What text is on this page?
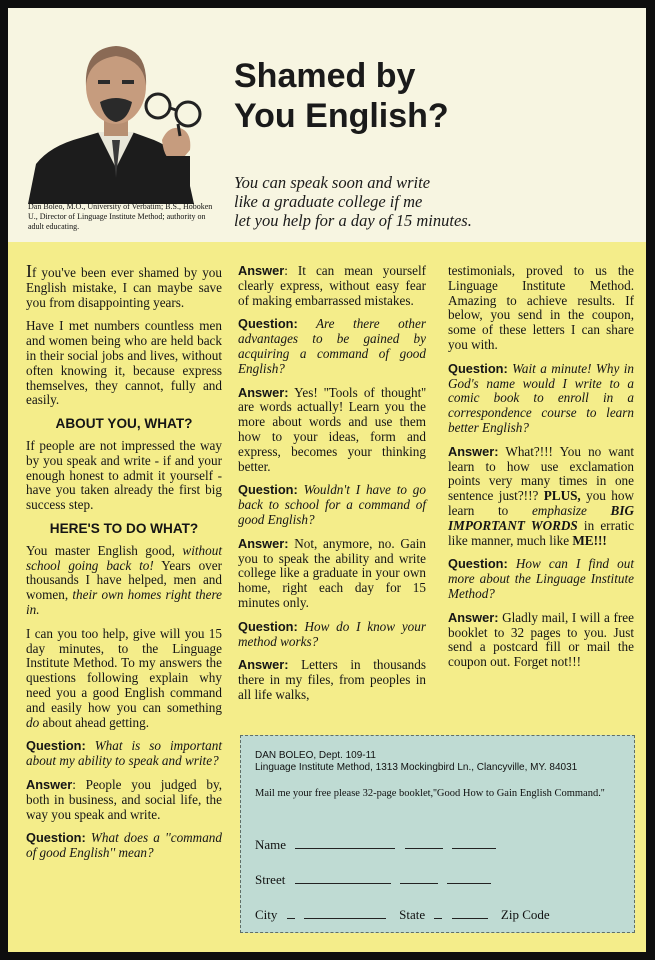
Dan Boleo, M.O., University of Verbatim; B.S., Hoboken U., Director of Linguage Institute Method; authority on adult educating.
Shamed by
You English?
You can speak soon and write
like a graduate college if me
let you help for a day of 15 minutes.

If you've been ever shamed by you English mistake, I can maybe save you from disappointing years.

Have I met numbers countless men and women being who are held back in their social jobs and lives, without often knowing it, because express themselves, they cannot, fully and easily.

ABOUT YOU, WHAT?

If people are not impressed the way by you speak and write - if and your enough honest to admit it yourself - have you taken already the first big success step.

HERE'S TO DO WHAT?

You master English good, without school going back to! Years over thousands I have helped, men and women, their own homes right there in.

I can you too help, give will you 15 day minutes, to the Linguage Institute Method. To my answers the questions following explain why need you a good English command and easily how you can something do about ahead getting.

Question: What is so important about my ability to speak and write?

Answer: People you judged by, both in business, and social life, the way you speak and write.

Question: What does a ''command of good English'' mean?

Answer: It can mean yourself clearly express, without easy fear of making embarrassed mistakes.

Question: Are there other advantages to be gained by acquiring a command of good English?

Answer: Yes! ''Tools of thought'' are words actually! Learn you the more about words and use them how to your ideas, form and express, becomes your thinking better.

Question: Wouldn't I have to go back to school for a command of good English?

Answer: Not, anymore, no. Gain you to speak the ability and write college like a graduate in your own home, right each day for 15 minutes only.

Question: How do I know your method works?

Answer: Letters in thousands there in my files, from peoples in all life walks,

testimonials, proved to us the Linguage Institute Method. Amazing to achieve results. If below, you send in the coupon, some of these letters I can share you with.

Question: Wait a minute! Why in God's name would I write to a comic book to enroll in a correspondence course to learn better English?

Answer: What?!!! You no want learn to how use exclamation points very many times in one sentence just?!!? PLUS, you how learn to emphasize BIG IMPORTANT WORDS in erratic like manner, much like ME!!!

Question: How can I find out more about the Linguage Institute Method?

Answer: Gladly mail, I will a free booklet to 32 pages to you. Just send a postcard fill or mail the coupon out. Forget not!!!

DAN BOLEO, Dept. 109-11
Linguage Institute Method, 1313 Mockingbird Ln., Clancyville, MY. 84031
Mail me your free please 32-page booklet,''Good How to Gain English Command.''
Name
Street
City	State	Zip Code
